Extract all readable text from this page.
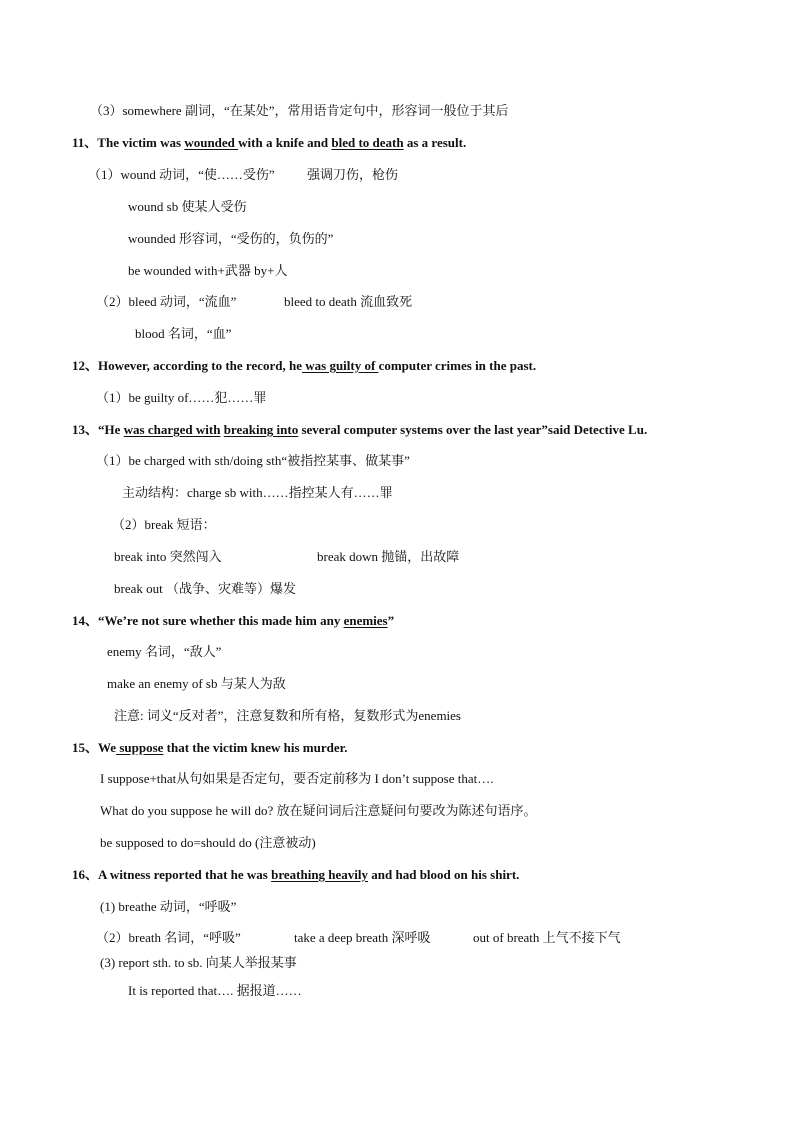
（3）somewhere 副词，“在某处”，常用语肯定句中，形容词一般位于其后
11、The victim was wounded with a knife and bled to death as a result.
（1）wound 动词，“使……受伤” 强调刀伤，枪伤
wound sb 使某人受伤
wounded 形容词，“受伤的，负伤的”
be wounded with+武器 by+人
（2）bleed 动词，“流血”	bleed to death 流血致死
blood 名词，“血”
12、However, according to the record, he was guilty of computer crimes in the past.
（1）be guilty of……犯……罪
13、“He was charged with breaking into several computer systems over the last year”said Detective Lu.
（1）be charged with sth/doing sth“被指控某事、做某事”
主动结构：charge sb with……指控某人有……罪
（2）break 短语：
break into 突然闯入	break down 抛锚，出故障
break out （战争、灾难等）爆发
14、“We’re not sure whether this made him any enemies”
enemy 名词，“敌人”
make an enemy of sb 与某人为敌
注意: 词义“反对者”，注意复数和所有格，复数形式为enemies
15、We suppose that the victim knew his murder.
I suppose+that从句如果是否定句，要否定前移为 I don’t suppose that….
What do you suppose he will do? 放在疑问词后注意疑问句要改为陈述句语序。
be supposed to do=should do (注意被动)
16、A witness reported that he was breathing heavily and had blood on his shirt.
(1) breathe 动词，“呼吸”
（2）breath 名词，“呼吸”	take a deep breath 深呼吸	out of breath 上气不接下气
(3) report sth. to sb. 向某人举报某事
It is reported that…. 据报道……
